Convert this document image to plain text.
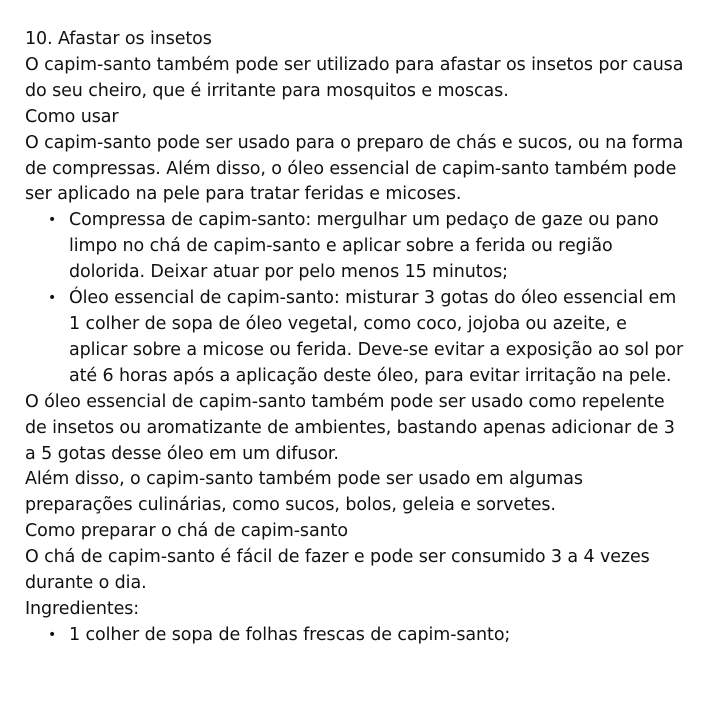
10. Afastar os insetos

O capim-santo também pode ser utilizado para afastar os insetos por causa do seu cheiro, que é irritante para mosquitos e moscas.

Como usar

O capim-santo pode ser usado para o preparo de chás e sucos, ou na forma de compressas. Além disso, o óleo essencial de capim-santo também pode ser aplicado na pele para tratar feridas e micoses.

• Compressa de capim-santo: mergulhar um pedaço de gaze ou pano limpo no chá de capim-santo e aplicar sobre a ferida ou região dolorida. Deixar atuar por pelo menos 15 minutos;
• Óleo essencial de capim-santo: misturar 3 gotas do óleo essencial em 1 colher de sopa de óleo vegetal, como coco, jojoba ou azeite, e aplicar sobre a micose ou ferida. Deve-se evitar a exposição ao sol por até 6 horas após a aplicação deste óleo, para evitar irritação na pele.

O óleo essencial de capim-santo também pode ser usado como repelente de insetos ou aromatizante de ambientes, bastando apenas adicionar de 3 a 5 gotas desse óleo em um difusor.

Além disso, o capim-santo também pode ser usado em algumas preparações culinárias, como sucos, bolos, geleia e sorvetes.

Como preparar o chá de capim-santo

O chá de capim-santo é fácil de fazer e pode ser consumido 3 a 4 vezes durante o dia.

Ingredientes:

• 1 colher de sopa de folhas frescas de capim-santo;
